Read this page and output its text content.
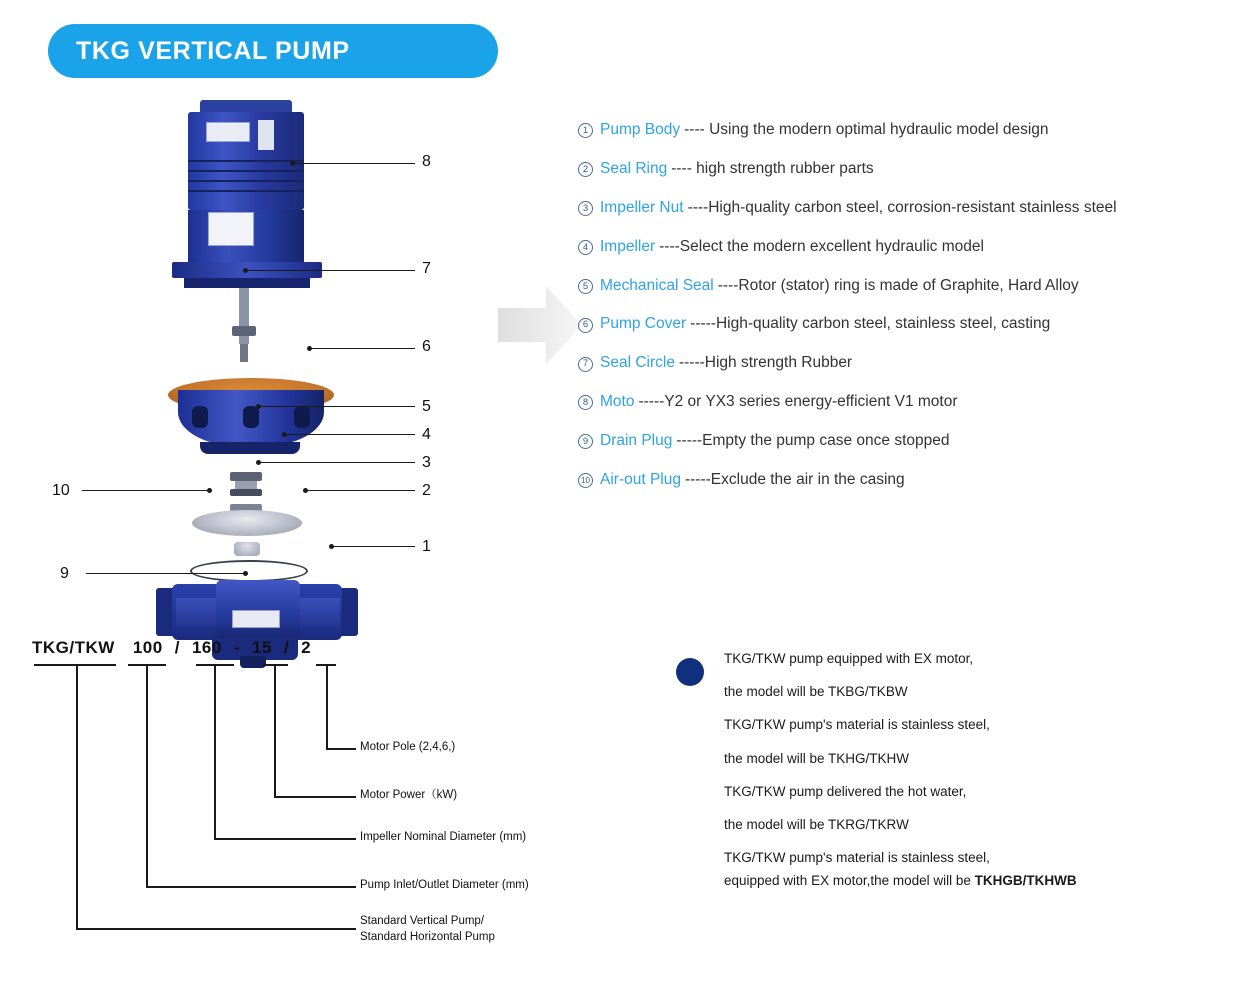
TKG VERTICAL PUMP
8
7
6
5
4
3
2
1
10
9
1 Pump Body ---- Using the modern optimal hydraulic model design
2 Seal Ring ---- high strength rubber parts
3 Impeller Nut ----High-quality carbon steel, corrosion-resistant stainless steel
4 Impeller ----Select the modern excellent hydraulic model
5 Mechanical Seal ----Rotor (stator) ring is made of Graphite, Hard Alloy
6 Pump Cover -----High-quality carbon steel, stainless steel, casting
7 Seal Circle -----High strength Rubber
8 Moto -----Y2 or YX3 series energy-efficient V1 motor
9 Drain Plug -----Empty the pump case once stopped
10 Air-out Plug -----Exclude the air in the casing
TKG/TKW 100 / 160 - 15 / 2
Motor Pole (2,4,6,)
Motor Power（kW)
Impeller Nominal Diameter (mm)
Pump Inlet/Outlet Diameter (mm)
Standard Vertical Pump/
Standard Horizontal Pump
TKG/TKW pump equipped with EX motor,
the model will be TKBG/TKBW
TKG/TKW pump's material is stainless steel,
the model will be TKHG/TKHW
TKG/TKW pump delivered the hot water,
the model will be TKRG/TKRW
TKG/TKW pump's material is stainless steel,
equipped with EX motor,the model will be TKHGB/TKHWB
